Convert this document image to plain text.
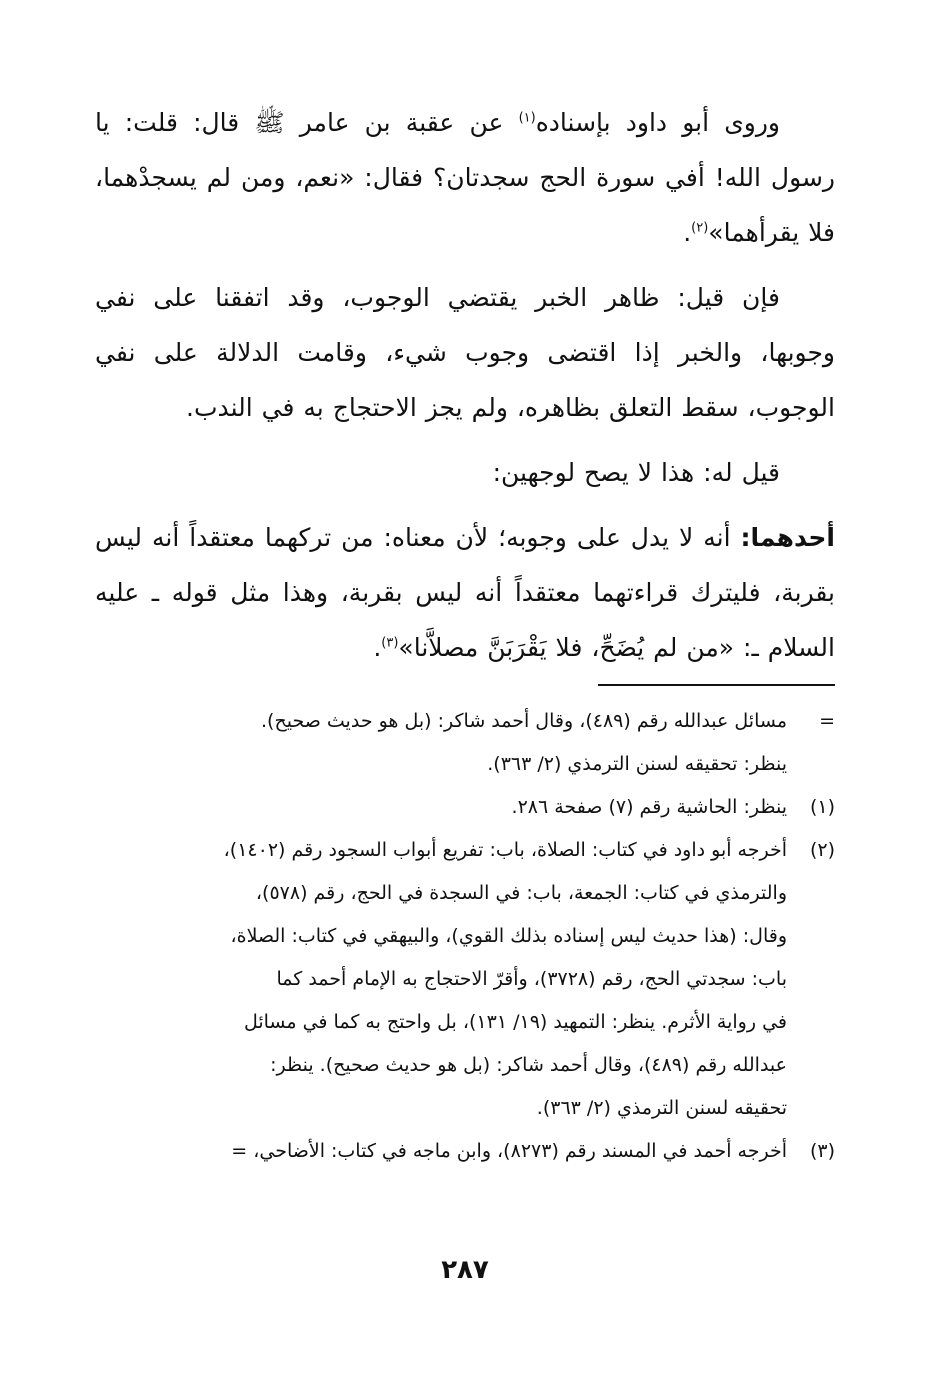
وروى أبو داود بإسناده$^{(١)}$ عن عقبة بن عامر ﷺ قال: قلت: يا رسول الله! أفي سورة الحج سجدتان؟ فقال: «نعم، ومن لم يسجدْهما، فلا يقرأهما»$^{(٢)}$.

فإن قيل: ظاهر الخبر يقتضي الوجوب، وقد اتفقنا على نفي وجوبها، والخبر إذا اقتضى وجوب شيء، وقامت الدلالة على نفي الوجوب، سقط التعلق بظاهره، ولم يجز الاحتجاج به في الندب.

قيل له: هذا لا يصح لوجهين:

أحدهما: أنه لا يدل على وجوبه؛ لأن معناه: من تركهما معتقداً أنه ليس بقربة، فليترك قراءتهما معتقداً أنه ليس بقربة، وهذا مثل قوله ـ عليه السلام ـ: «من لم يُضَحِّ، فلا يَقْرَبَنَّ مصلاَّنا»$^{(٣)}$.

=
مسائل عبدالله رقم (٤٨٩)، وقال أحمد شاكر: (بل هو حديث صحيح).
ينظر: تحقيقه لسنن الترمذي (٢/ ٣٦٣).
(١)
ينظر: الحاشية رقم (٧) صفحة ٢٨٦.
(٢)
أخرجه أبو داود في كتاب: الصلاة، باب: تفريع أبواب السجود رقم (١٤٠٢)،
والترمذي في كتاب: الجمعة، باب: في السجدة في الحج، رقم (٥٧٨)،
وقال: (هذا حديث ليس إسناده بذلك القوي)، والبيهقي في كتاب: الصلاة،
باب: سجدتي الحج، رقم (٣٧٢٨)، وأقرّ الاحتجاج به الإمام أحمد كما
في رواية الأثرم. ينظر: التمهيد (١٩/ ١٣١)، بل واحتج به كما في مسائل
عبدالله رقم (٤٨٩)، وقال أحمد شاكر: (بل هو حديث صحيح). ينظر:
تحقيقه لسنن الترمذي (٢/ ٣٦٣).
(٣)
أخرجه أحمد في المسند رقم (٨٢٧٣)، وابن ماجه في كتاب: الأضاحي، =
٢٨٧
